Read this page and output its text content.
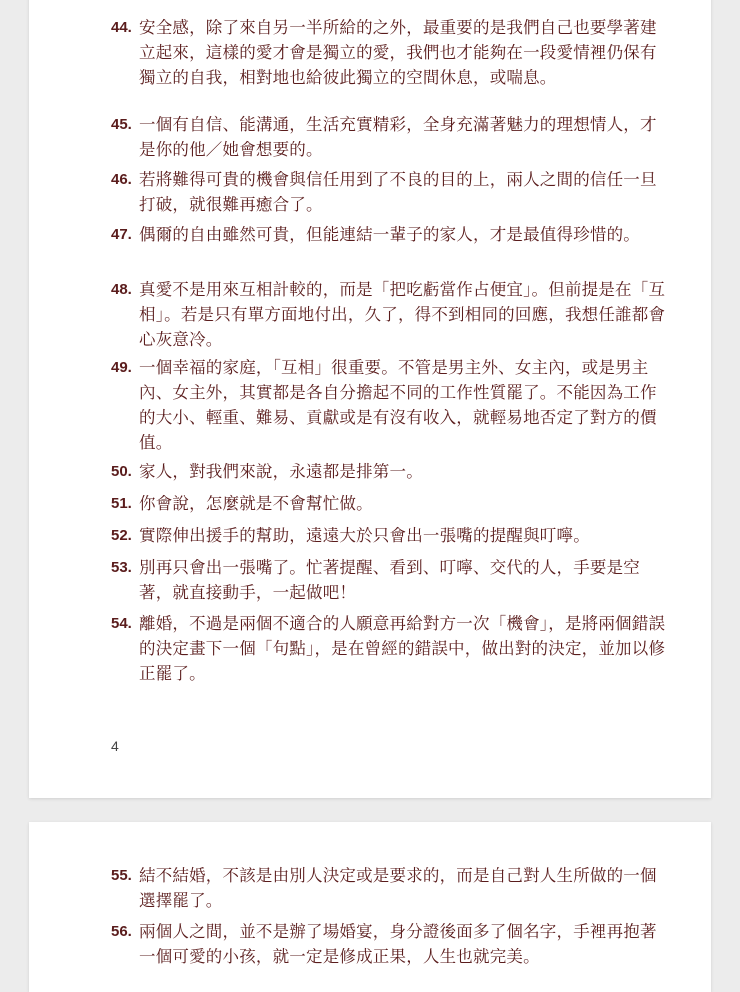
44. 安全感，除了來自另一半所給的之外，最重要的是我們自己也要學著建立起來，這樣的愛才會是獨立的愛，我們也才能夠在一段愛情裡仍保有獨立的自我，相對地也給彼此獨立的空間休息，或喘息。
45. 一個有自信、能溝通，生活充實精彩，全身充滿著魅力的理想情人，才是你的他／她會想要的。
46. 若將難得可貴的機會與信任用到了不良的目的上，兩人之間的信任一旦打破，就很難再癒合了。
47. 偶爾的自由雖然可貴，但能連結一輩子的家人，才是最值得珍惜的。
48. 真愛不是用來互相計較的，而是「把吃虧當作占便宜」。但前提是在「互相」。若是只有單方面地付出，久了，得不到相同的回應，我想任誰都會心灰意冷。
49. 一個幸福的家庭，「互相」很重要。不管是男主外、女主內，或是男主內、女主外，其實都是各自分擔起不同的工作性質罷了。不能因為工作的大小、輕重、難易、貢獻或是有沒有收入，就輕易地否定了對方的價值。
50. 家人，對我們來說，永遠都是排第一。
51. 你會說，怎麼就是不會幫忙做。
52. 實際伸出援手的幫助，遠遠大於只會出一張嘴的提醒與叮嚀。
53. 別再只會出一張嘴了。忙著提醒、看到、叮嚀、交代的人，手要是空著，就直接動手，一起做吧！
54. 離婚，不過是兩個不適合的人願意再給對方一次「機會」，是將兩個錯誤的決定畫下一個「句點」，是在曾經的錯誤中，做出對的決定，並加以修正罷了。
4
55. 結不結婚，不該是由別人決定或是要求的，而是自己對人生所做的一個選擇罷了。
56. 兩個人之間，並不是辦了場婚宴，身分證後面多了個名字，手裡再抱著一個可愛的小孩，就一定是修成正果，人生也就完美。
